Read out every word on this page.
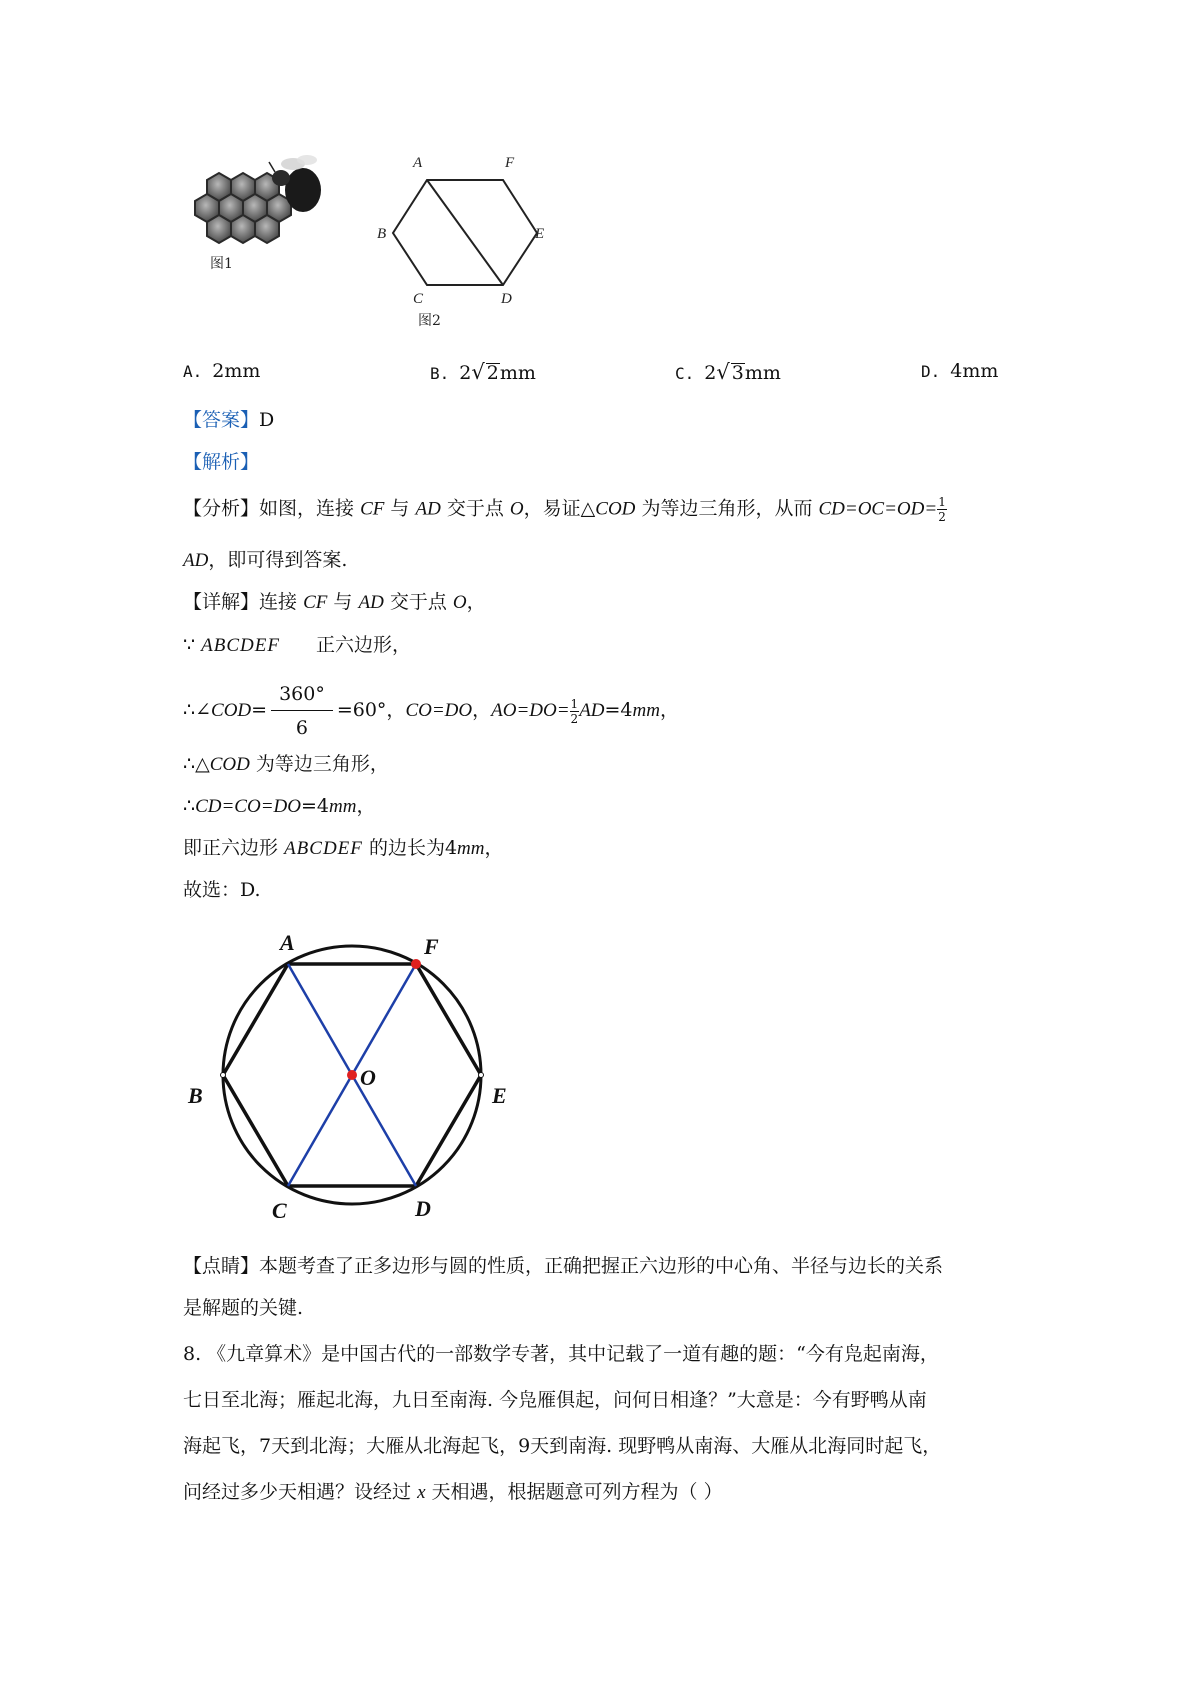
图1
A	F
B	E
C	D
图2
A. 2mm	B. 2√ 2mm	C. 2√ 3mm	D. 4mm
【答案】D
【解析】
【分析】如图，连接 CF 与 AD 交于点 O，易证△COD 为等边三角形，从而 $CD=OC=OD= \frac{1}{2}$
AD，即可得到答案.
【详解】连接 CF 与 AD 交于点 O，
∵ ABCDEF 正六边形，
∴∠COD= $\frac{360^\circ}{6} =60^\circ$，CO=DO，$AO=DO= \frac{1}{2} AD=4mm$，
∴△COD 为等边三角形，
∴CD=CO=DO=4mm，
即正六边形 ABCDEF 的边长为4mm，
故选：D.
A	F
B
O
E
C	D
【点睛】本题考查了正多边形与圆的性质，正确把握正六边形的中心角、半径与边长的关系
是解题的关键.
8. 《九章算术》是中国古代的一部数学专著，其中记载了一道有趣的题：“今有凫起南海，
七日至北海；雁起北海，九日至南海. 今凫雁俱起，问何日相逢？”大意是：今有野鸭从南
海起飞，7天到北海；大雁从北海起飞，9天到南海. 现野鸭从南海、大雁从北海同时起飞，
问经过多少天相遇？设经过 x 天相遇，根据题意可列方程为（ ）
